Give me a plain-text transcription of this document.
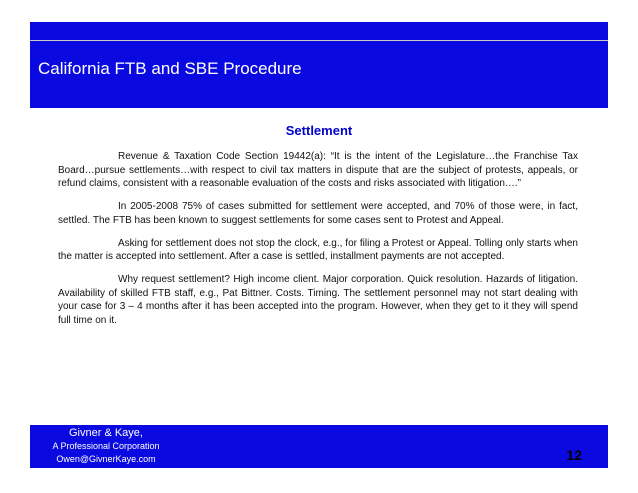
California FTB and SBE Procedure
Settlement

Revenue & Taxation Code Section 19442(a): “It is the intent of the Legislature…the Franchise Tax Board…pursue settlements…with respect to civil tax matters in dispute that are the subject of protests, appeals, or refund claims, consistent with a reasonable evaluation of the costs and risks associated with litigation….”

In 2005-2008 75% of cases submitted for settlement were accepted, and 70% of those were, in fact, settled. The FTB has been known to suggest settlements for some cases sent to Protest and Appeal.

Asking for settlement does not stop the clock, e.g., for filing a Protest or Appeal. Tolling only starts when the matter is accepted into settlement. After a case is settled, installment payments are not accepted.

Why request settlement? High income client. Major corporation. Quick resolution. Hazards of litigation. Availability of skilled FTB staff, e.g., Pat Bittner. Costs. Timing. The settlement personnel may not start dealing with your case for 3 – 4 months after it has been accepted into the program. However, when they get to it they will spend full time on it.

Givner & Kaye,
A Professional Corporation
Owen@GivnerKaye.com	12
